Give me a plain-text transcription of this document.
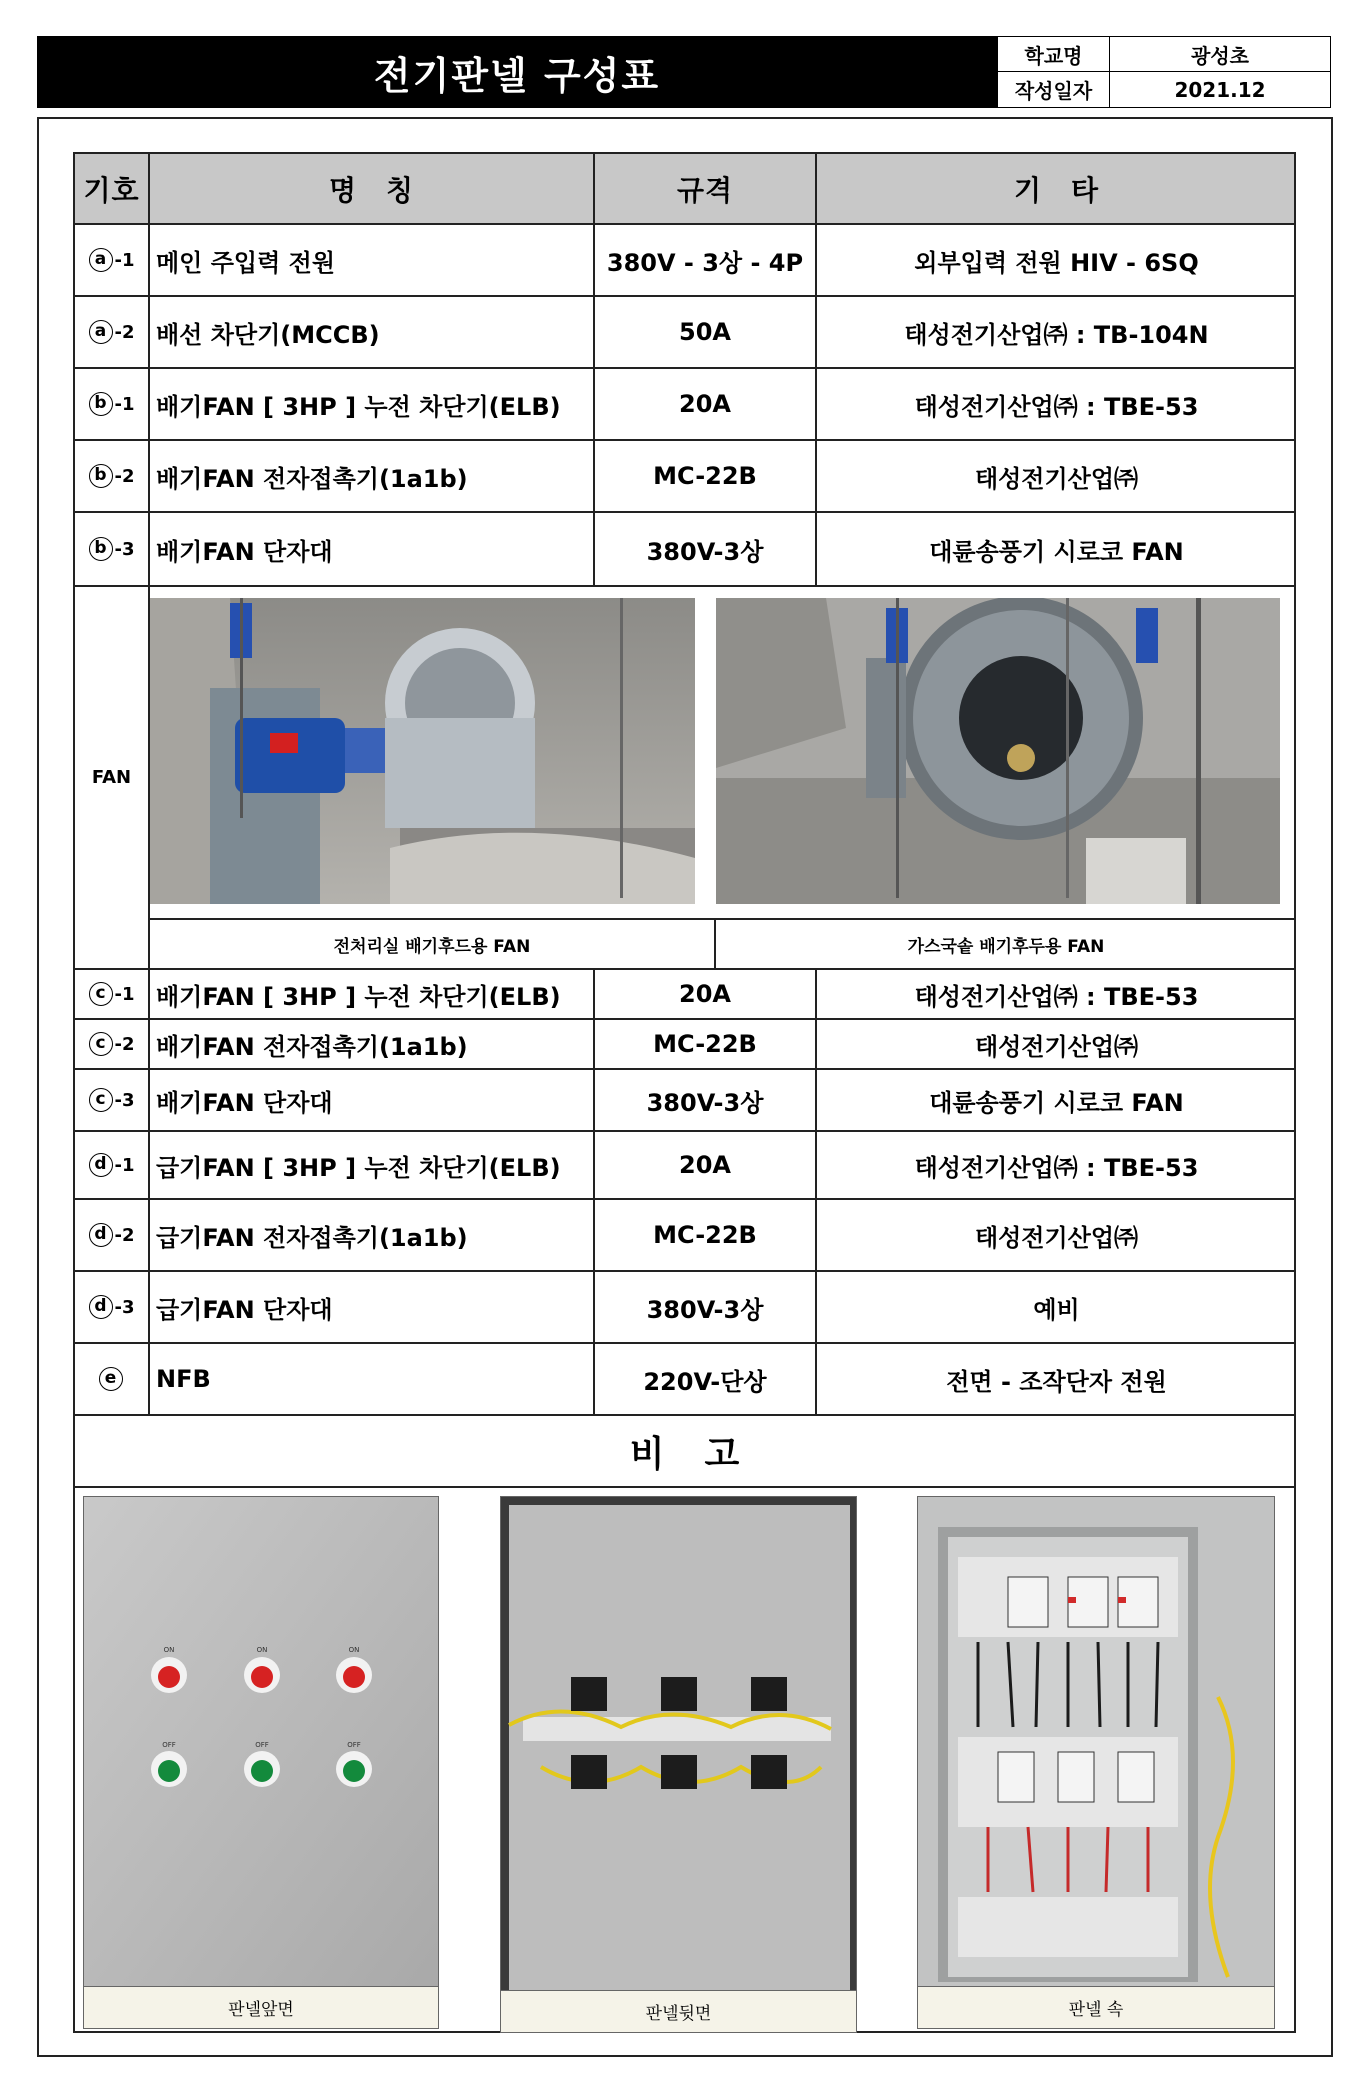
전기판넬 구성표	학교명	광성초
작성일자	2021.12
기호	명　칭	규격	기　타
a -1 메인 주입력 전원	380V - 3상 - 4P	외부입력 전원 HIV - 6SQ
a -2 배선 차단기(MCCB)	50A	태성전기산업㈜ : TB-104N
b -1 배기FAN [ 3HP ] 누전 차단기(ELB)	20A	태성전기산업㈜ : TBE-53
b -2 배기FAN 전자접촉기(1a1b)	MC-22B	태성전기산업㈜
b -3 배기FAN 단자대	380V-3상	대륜송풍기 시로코 FAN
FAN
전처리실 배기후드용 FAN	가스국솥 배기후두용 FAN
c -1 배기FAN [ 3HP ] 누전 차단기(ELB)	20A	태성전기산업㈜ : TBE-53
c -2 배기FAN 전자접촉기(1a1b)	MC-22B	태성전기산업㈜
c -3 배기FAN 단자대	380V-3상	대륜송풍기 시로코 FAN
d -1 급기FAN [ 3HP ] 누전 차단기(ELB)	20A	태성전기산업㈜ : TBE-53
d -2 급기FAN 전자접촉기(1a1b)	MC-22B	태성전기산업㈜
d -3 급기FAN 단자대	380V-3상	예비
e NFB	220V-단상	전면 - 조작단자 전원
비고
ON	ON	ON
OFF	OFF	OFF
판넬앞면	판넬뒷면	판넬 속
